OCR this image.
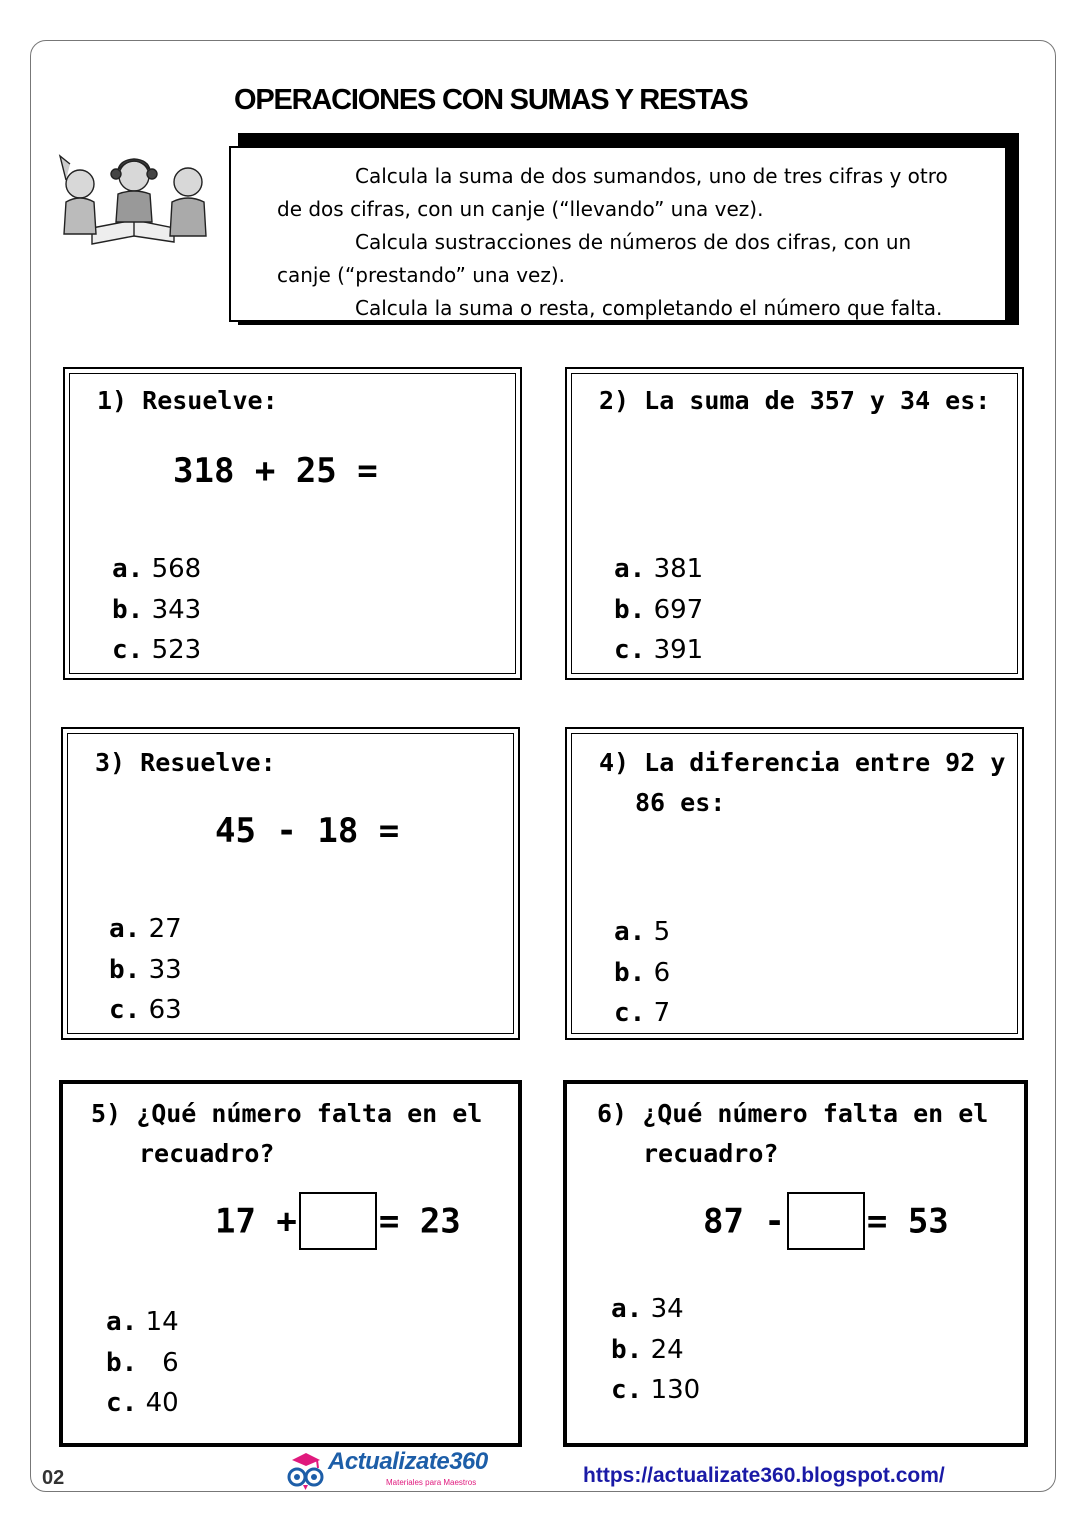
OPERACIONES CON SUMAS Y RESTAS

Calcula la suma de dos sumandos, uno de tres cifras y otro

de dos cifras, con un canje (“llevando” una vez).

Calcula sustracciones de números de dos cifras, con un

canje (“prestando” una vez).

Calcula la suma o resta, completando el número que falta.

1) Resuelve:
318 + 25 =
a. 568
b. 343
c. 523
2) La suma de 357 y 34 es:
a. 381
b. 697
c. 391
3) Resuelve:
45 - 18 =
a. 27
b. 33
c. 63
4) La diferencia entre 92 y
86 es:
a. 5
b. 6
c. 7
5) ¿Qué número falta en el
recuadro?
17 + = 23
a. 14
b.   6
c. 40
6) ¿Qué número falta en el
recuadro?
87 - = 53
a. 34
b. 24
c. 130
02
Actualizate360
Materiales para Maestros	https://actualizate360.blogspot.com/
